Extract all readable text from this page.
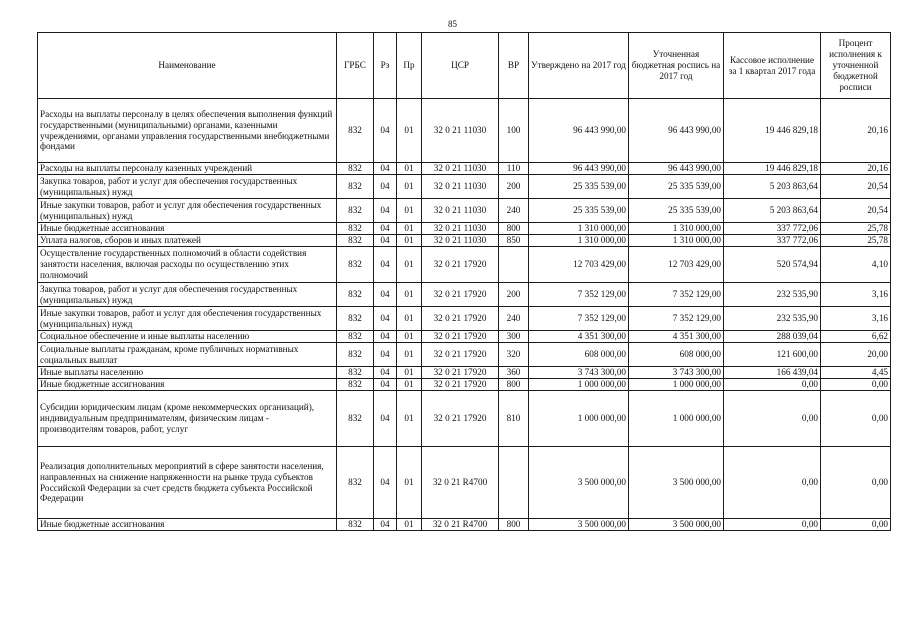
85
Наименование	ГРБС	Рз	Пр	ЦСР	ВР	Утверждено на 2017 год	Уточненная бюджетная роспись на 2017 год	Кассовое исполнение за 1 квартал 2017 года	Процент исполнения к уточненной бюджетной росписи
Расходы на выплаты персоналу в целях обеспечения выполнения функций государственными (муниципальными) органами, казенными учреждениями, органами управления государственными внебюджетными фондами	832	04	01	32 0 21 11030	100	96 443 990,00	96 443 990,00	19 446 829,18	20,16
Расходы на выплаты персоналу казенных учреждений	832	04	01	32 0 21 11030	110	96 443 990,00	96 443 990,00	19 446 829,18	20,16
Закупка товаров, работ и услуг для обеспечения государственных (муниципальных) нужд	832	04	01	32 0 21 11030	200	25 335 539,00	25 335 539,00	5 203 863,64	20,54
Иные закупки товаров, работ и услуг для обеспечения государственных (муниципальных) нужд	832	04	01	32 0 21 11030	240	25 335 539,00	25 335 539,00	5 203 863,64	20,54
Иные бюджетные ассигнования	832	04	01	32 0 21 11030	800	1 310 000,00	1 310 000,00	337 772,06	25,78
Уплата налогов, сборов и иных платежей	832	04	01	32 0 21 11030	850	1 310 000,00	1 310 000,00	337 772,06	25,78
Осуществление государственных полномочий в области содействия занятости населения, включая расходы по осуществлению этих полномочий	832	04	01	32 0 21 17920		12 703 429,00	12 703 429,00	520 574,94	4,10
Закупка товаров, работ и услуг для обеспечения государственных (муниципальных) нужд	832	04	01	32 0 21 17920	200	7 352 129,00	7 352 129,00	232 535,90	3,16
Иные закупки товаров, работ и услуг для обеспечения государственных (муниципальных) нужд	832	04	01	32 0 21 17920	240	7 352 129,00	7 352 129,00	232 535,90	3,16
Социальное обеспечение и иные выплаты населению	832	04	01	32 0 21 17920	300	4 351 300,00	4 351 300,00	288 039,04	6,62
Социальные выплаты гражданам, кроме публичных нормативных социальных выплат	832	04	01	32 0 21 17920	320	608 000,00	608 000,00	121 600,00	20,00
Иные выплаты населению	832	04	01	32 0 21 17920	360	3 743 300,00	3 743 300,00	166 439,04	4,45
Иные бюджетные ассигнования	832	04	01	32 0 21 17920	800	1 000 000,00	1 000 000,00	0,00	0,00
Субсидии юридическим лицам (кроме некоммерческих организаций), индивидуальным предпринимателям, физическим лицам - производителям товаров, работ, услуг	832	04	01	32 0 21 17920	810	1 000 000,00	1 000 000,00	0,00	0,00
Реализация дополнительных мероприятий в сфере занятости населения, направленных на снижение напряженности на рынке труда субъектов Российской Федерации за счет средств бюджета субъекта Российской Федерации	832	04	01	32 0 21 R4700		3 500 000,00	3 500 000,00	0,00	0,00
Иные бюджетные ассигнования	832	04	01	32 0 21 R4700	800	3 500 000,00	3 500 000,00	0,00	0,00
